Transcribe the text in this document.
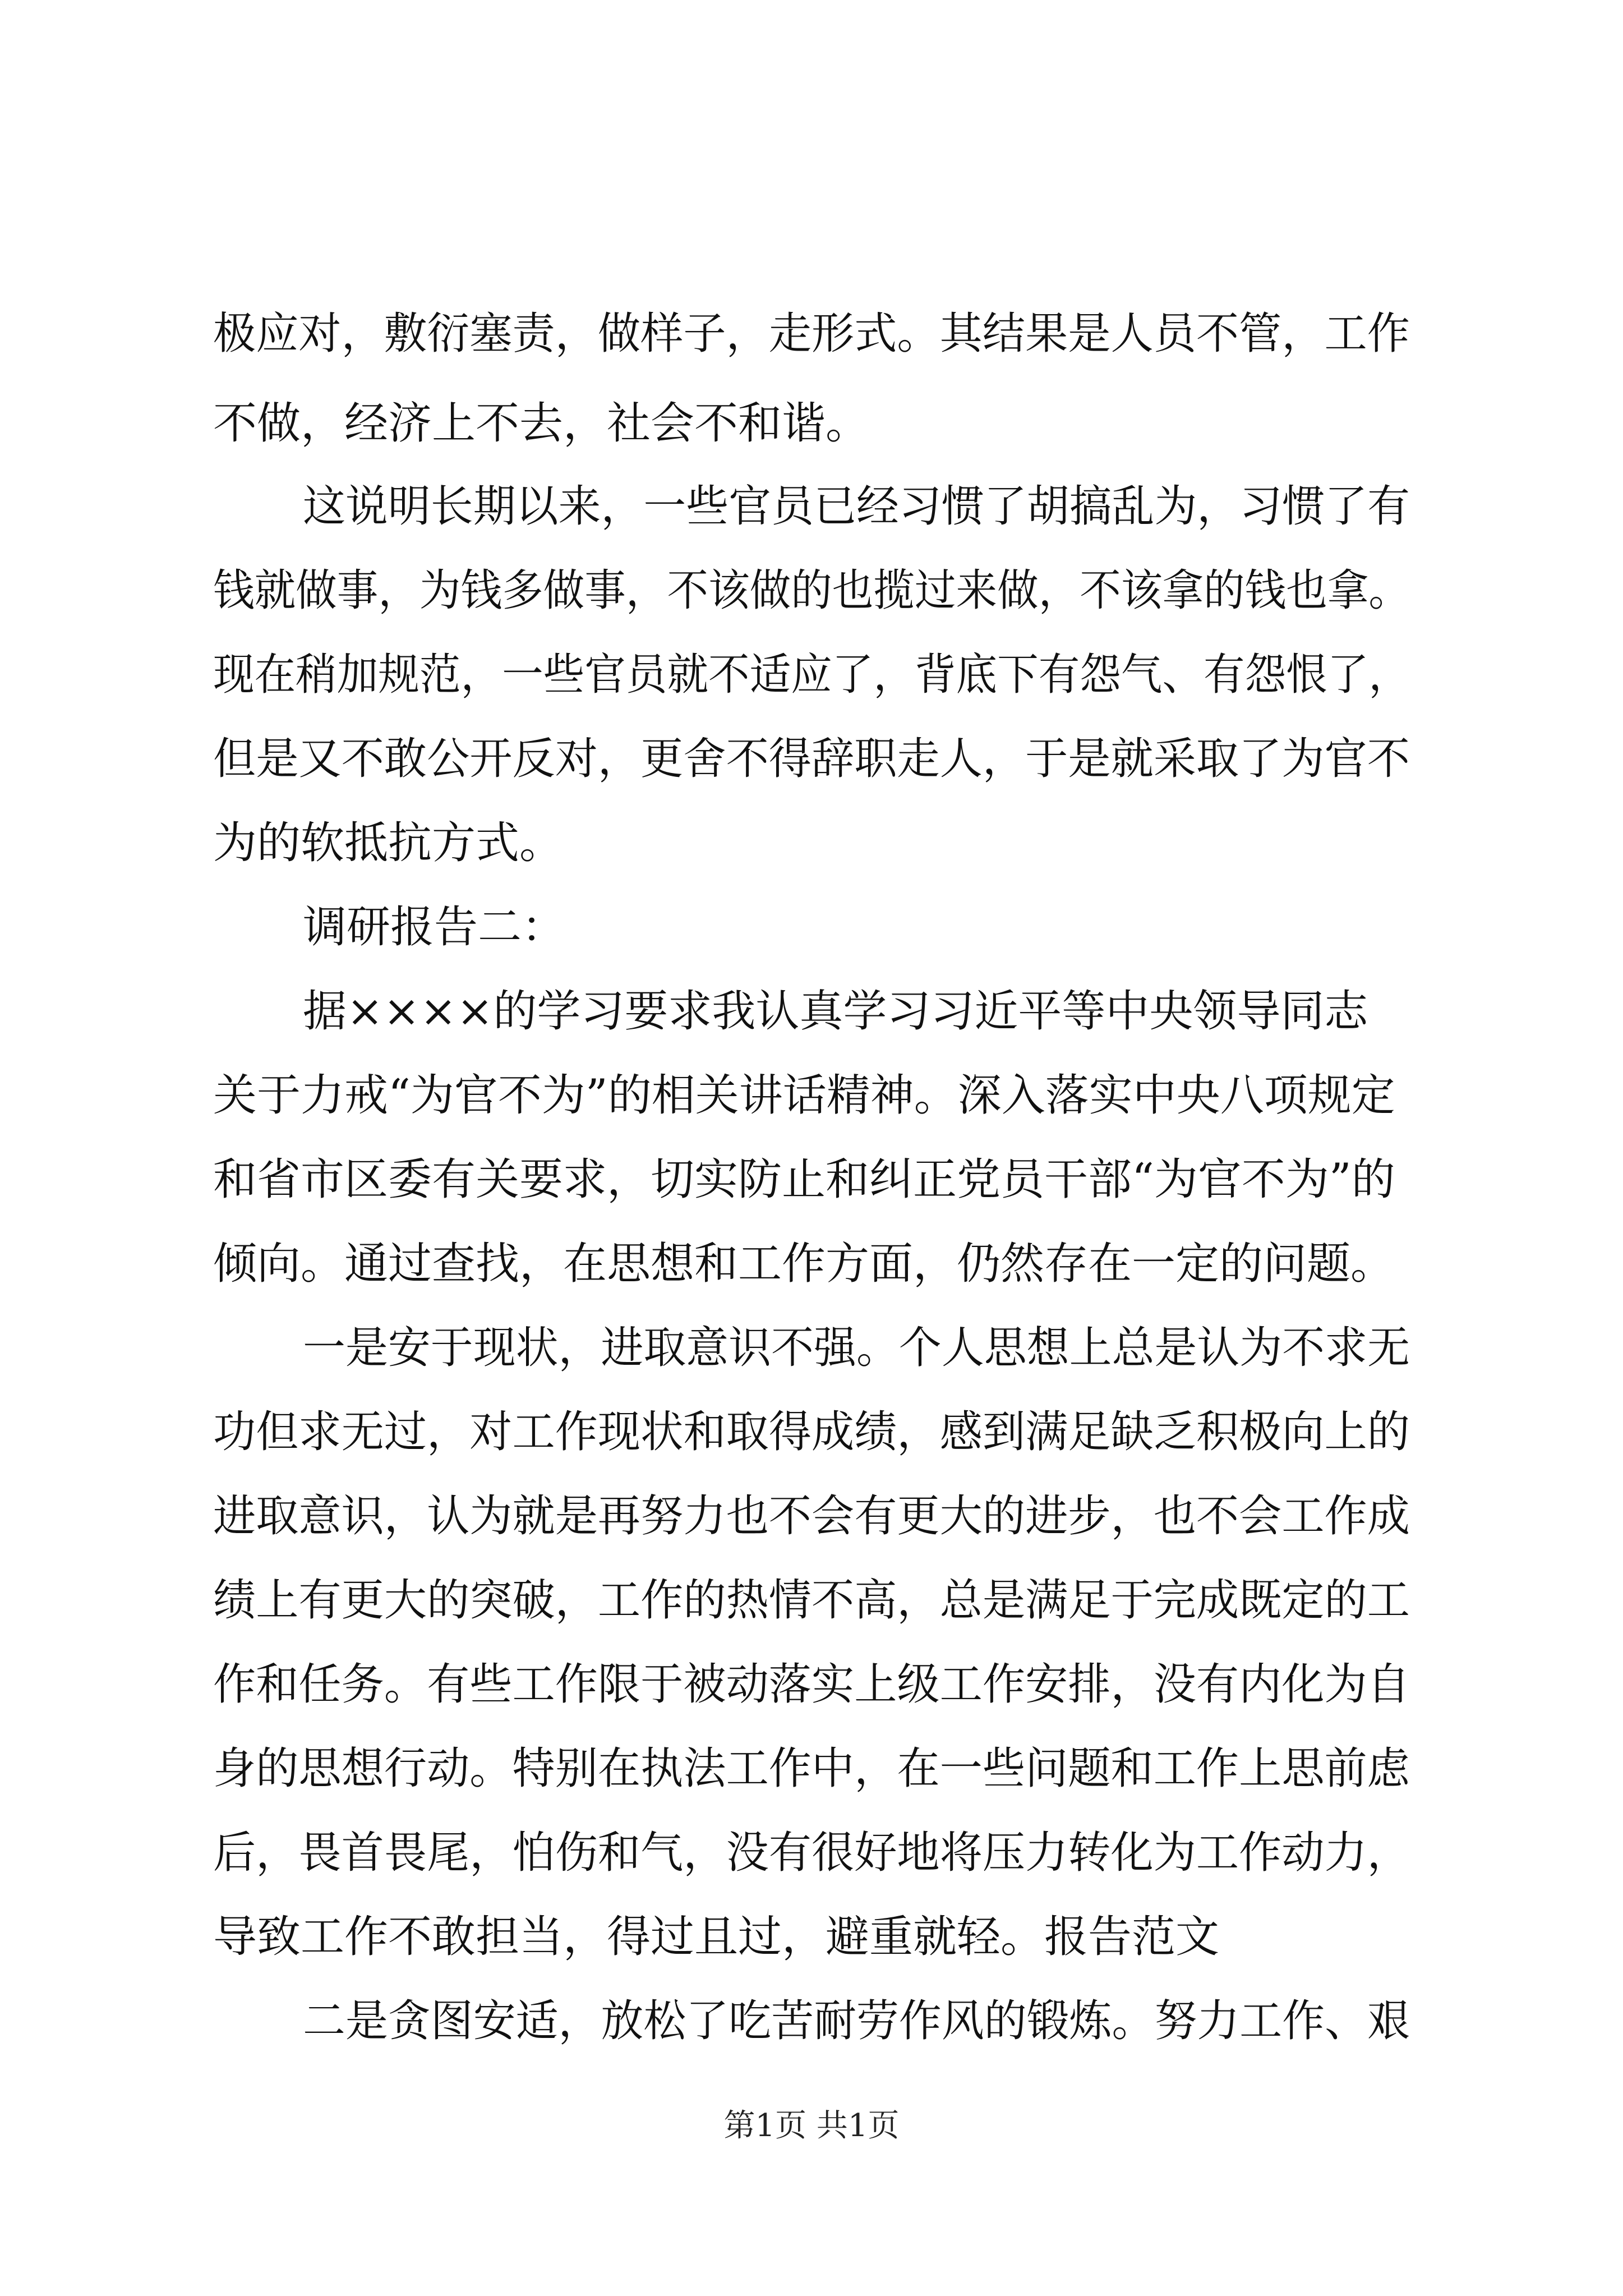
极应对，敷衍塞责，做样子，走形式。其结果是人员不管，工作
不做，经济上不去，社会不和谐。
这说明长期以来，一些官员已经习惯了胡搞乱为，习惯了有
钱就做事，为钱多做事，不该做的也揽过来做，不该拿的钱也拿。
现在稍加规范，一些官员就不适应了，背底下有怨气、有怨恨了，
但是又不敢公开反对，更舍不得辞职走人，于是就采取了为官不
为的软抵抗方式。
调研报告二：
据××××的学习要求我认真学习习近平等中央领导同志
关于力戒“为官不为”的相关讲话精神。深入落实中央八项规定
和省市区委有关要求，切实防止和纠正党员干部“为官不为”的
倾向。通过查找，在思想和工作方面，仍然存在一定的问题。
一是安于现状，进取意识不强。个人思想上总是认为不求无
功但求无过，对工作现状和取得成绩，感到满足缺乏积极向上的
进取意识，认为就是再努力也不会有更大的进步，也不会工作成
绩上有更大的突破，工作的热情不高，总是满足于完成既定的工
作和任务。有些工作限于被动落实上级工作安排，没有内化为自
身的思想行动。特别在执法工作中，在一些问题和工作上思前虑
后，畏首畏尾，怕伤和气，没有很好地将压力转化为工作动力，
导致工作不敢担当，得过且过，避重就轻。报告范文
二是贪图安适，放松了吃苦耐劳作风的锻炼。努力工作、艰
第1页 共1页
